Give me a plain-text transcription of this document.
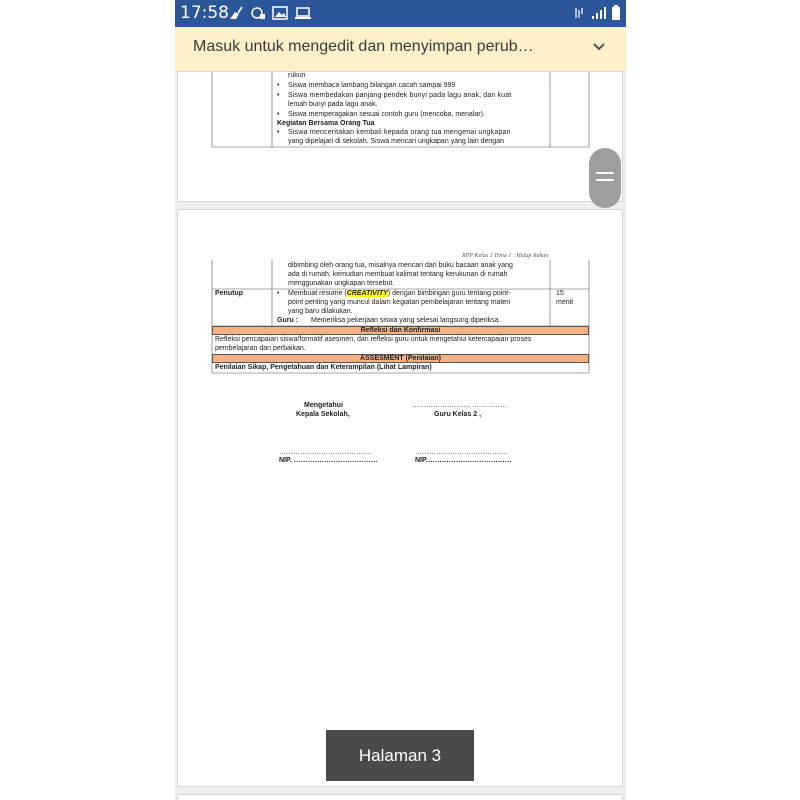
17:58
Masuk untuk mengedit dan menyimpan perub…
rukun
• Siswa membaca lambang bilangan cacah sampai 999
• Siswa membedakan panjang pendek bunyi pada lagu anak, dan kuat
lemah bunyi pada lagu anak.
• Siswa memperagakan sesuai contoh guru (mencoba, menalar).
Kegiatan Bersama Orang Tua
• Siswa menceritakan kembali kepada orang tua mengenai ungkapan
yang dipelajari di sekolah. Siswa mencari ungkapan yang lain dengan
RPP Kelas 1 Tema 1 : Hidup Rukun
dibimbing oleh orang tua, misalnya mencari dari buku bacaan anak yang
ada di rumah, kemudian membuat kalimat tentang kerukunan di rumah
menggunakan ungkapan tersebut.
Penutup	• Membuat resume (CREATIVITY) dengan bimbingan guru tentang point-
point penting yang muncul dalam kegiatan pembelajaran tentang materi
yang baru dilakukan.
Guru : Memeriksa pekerjaan siswa yang selesai langsung diperiksa.
15
menit
Refleksi dan Konfirmasi
Refleksi pencapaian siswa/formatif asesmen, dan refleksi guru untuk mengetahui ketercapaian proses
pembelajaran dan perbaikan.
ASSESMENT (Penilaian)
Penilaian Sikap, Pengetahuan dan Keterampilan (Lihat Lampiran)
Mengetahui
Kepala Sekolah,
……………………, ……………
Guru Kelas 2 ,
………………………………….
NIP. ………………………………
………………………………….
NIP.………………………………
Halaman 3
